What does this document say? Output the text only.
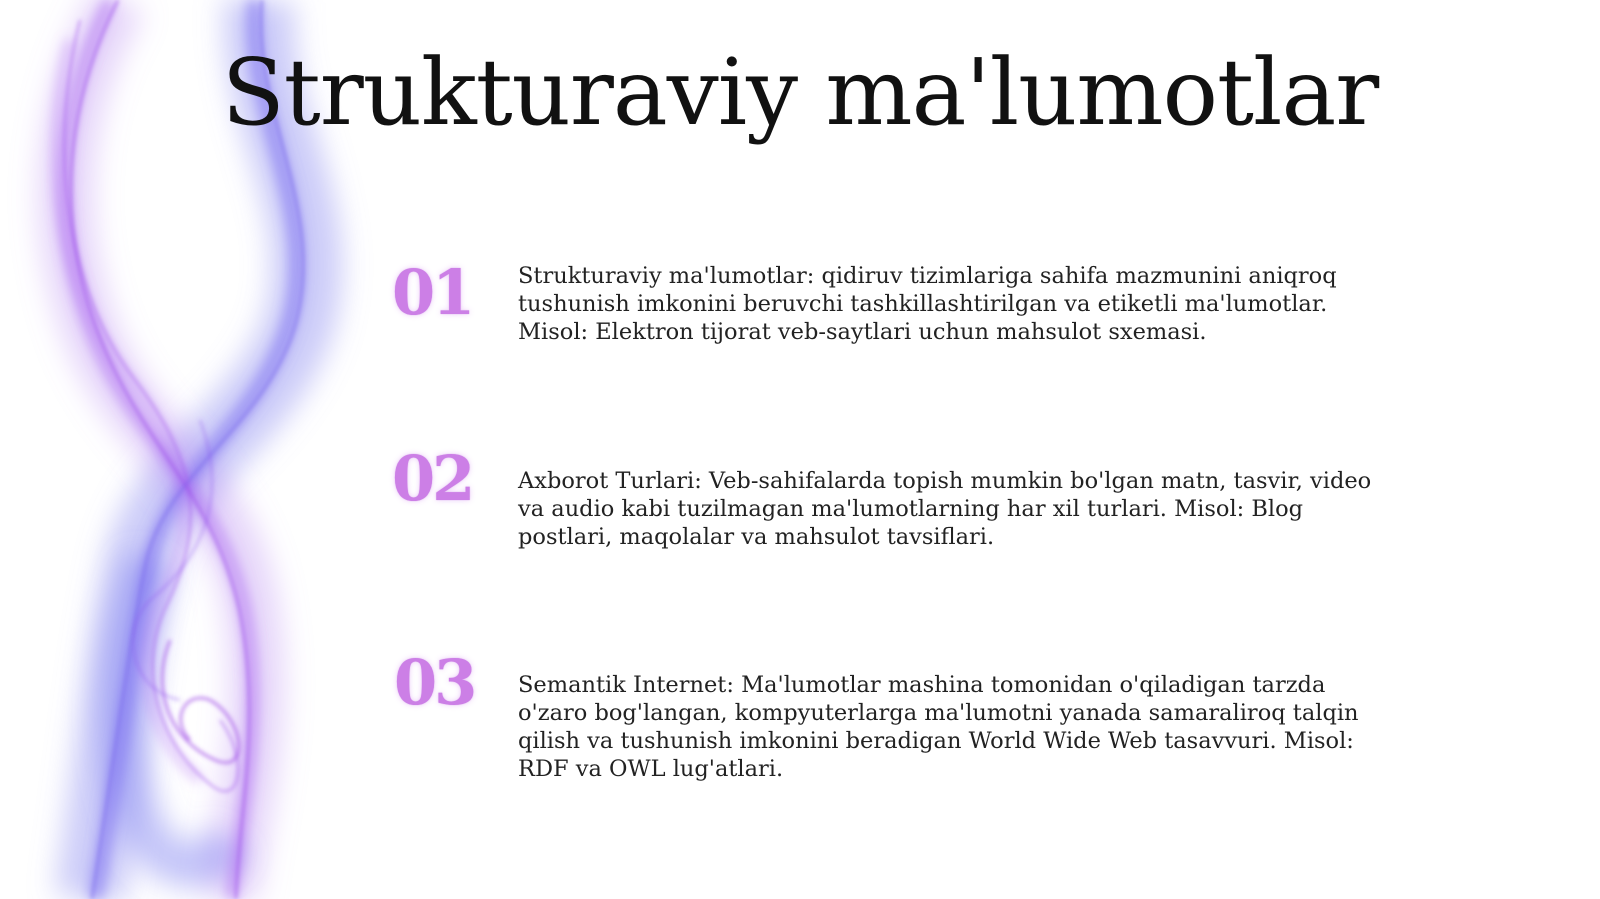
Strukturaviy ma'lumotlar
01 Strukturaviy ma'lumotlar: qidiruv tizimlariga sahifa mazmunini aniqroq tushunish imkonini beruvchi tashkillashtirilgan va etiketli ma'lumotlar. Misol: Elektron tijorat veb-saytlari uchun mahsulot sxemasi.

02 Axborot Turlari: Veb-sahifalarda topish mumkin bo'lgan matn, tasvir, video va audio kabi tuzilmagan ma'lumotlarning har xil turlari. Misol: Blog postlari, maqolalar va mahsulot tavsiflari.

03 Semantik Internet: Ma'lumotlar mashina tomonidan o'qiladigan tarzda o'zaro bog'langan, kompyuterlarga ma'lumotni yanada samaraliroq talqin qilish va tushunish imkonini beradigan World Wide Web tasavvuri. Misol: RDF va OWL lug'atlari.
